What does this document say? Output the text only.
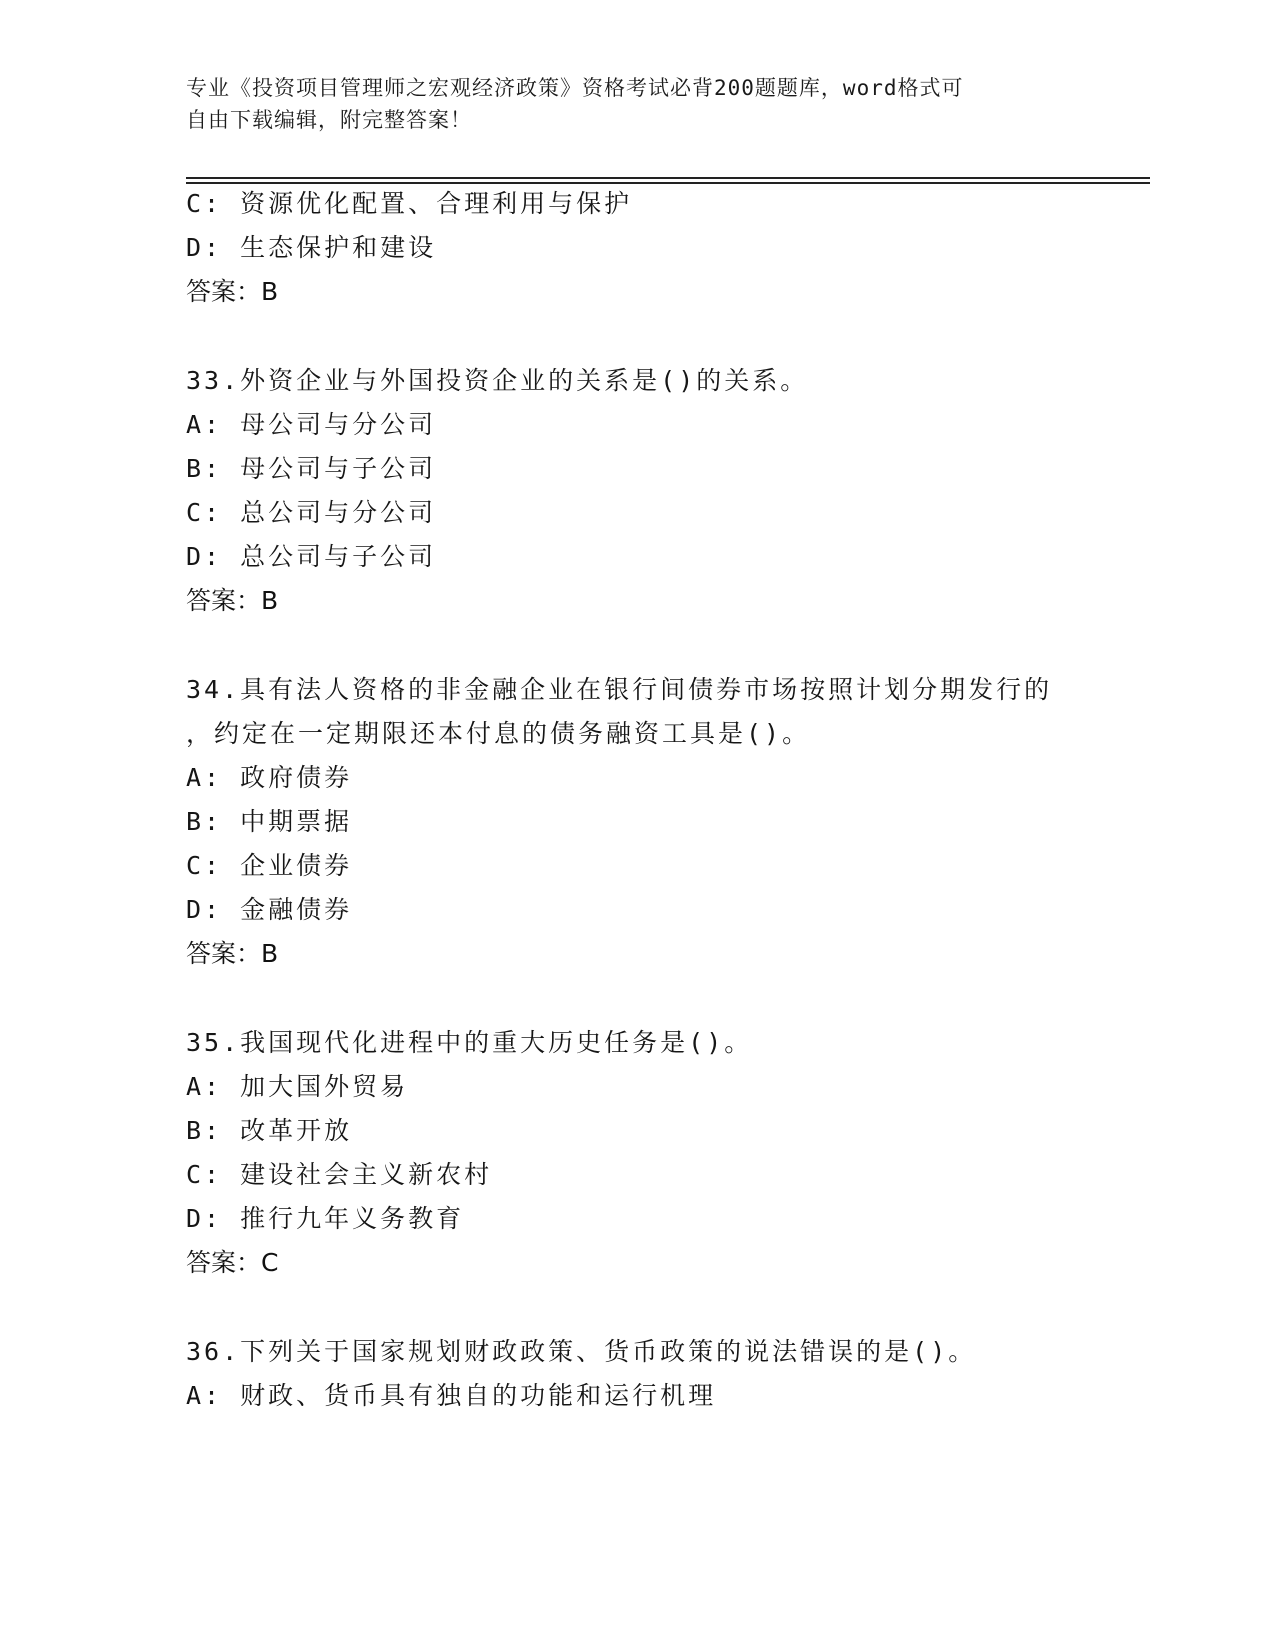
专业《投资项目管理师之宏观经济政策》资格考试必背200题题库，word格式可
自由下载编辑，附完整答案！
C: 资源优化配置、合理利用与保护
D: 生态保护和建设
答案：B
33.外资企业与外国投资企业的关系是()的关系。
A: 母公司与分公司
B: 母公司与子公司
C: 总公司与分公司
D: 总公司与子公司
答案：B
34.具有法人资格的非金融企业在银行间债券市场按照计划分期发行的
，约定在一定期限还本付息的债务融资工具是()。
A: 政府债券
B: 中期票据
C: 企业债券
D: 金融债券
答案：B
35.我国现代化进程中的重大历史任务是()。
A: 加大国外贸易
B: 改革开放
C: 建设社会主义新农村
D: 推行九年义务教育
答案：C
36.下列关于国家规划财政政策、货币政策的说法错误的是()。
A: 财政、货币具有独自的功能和运行机理
